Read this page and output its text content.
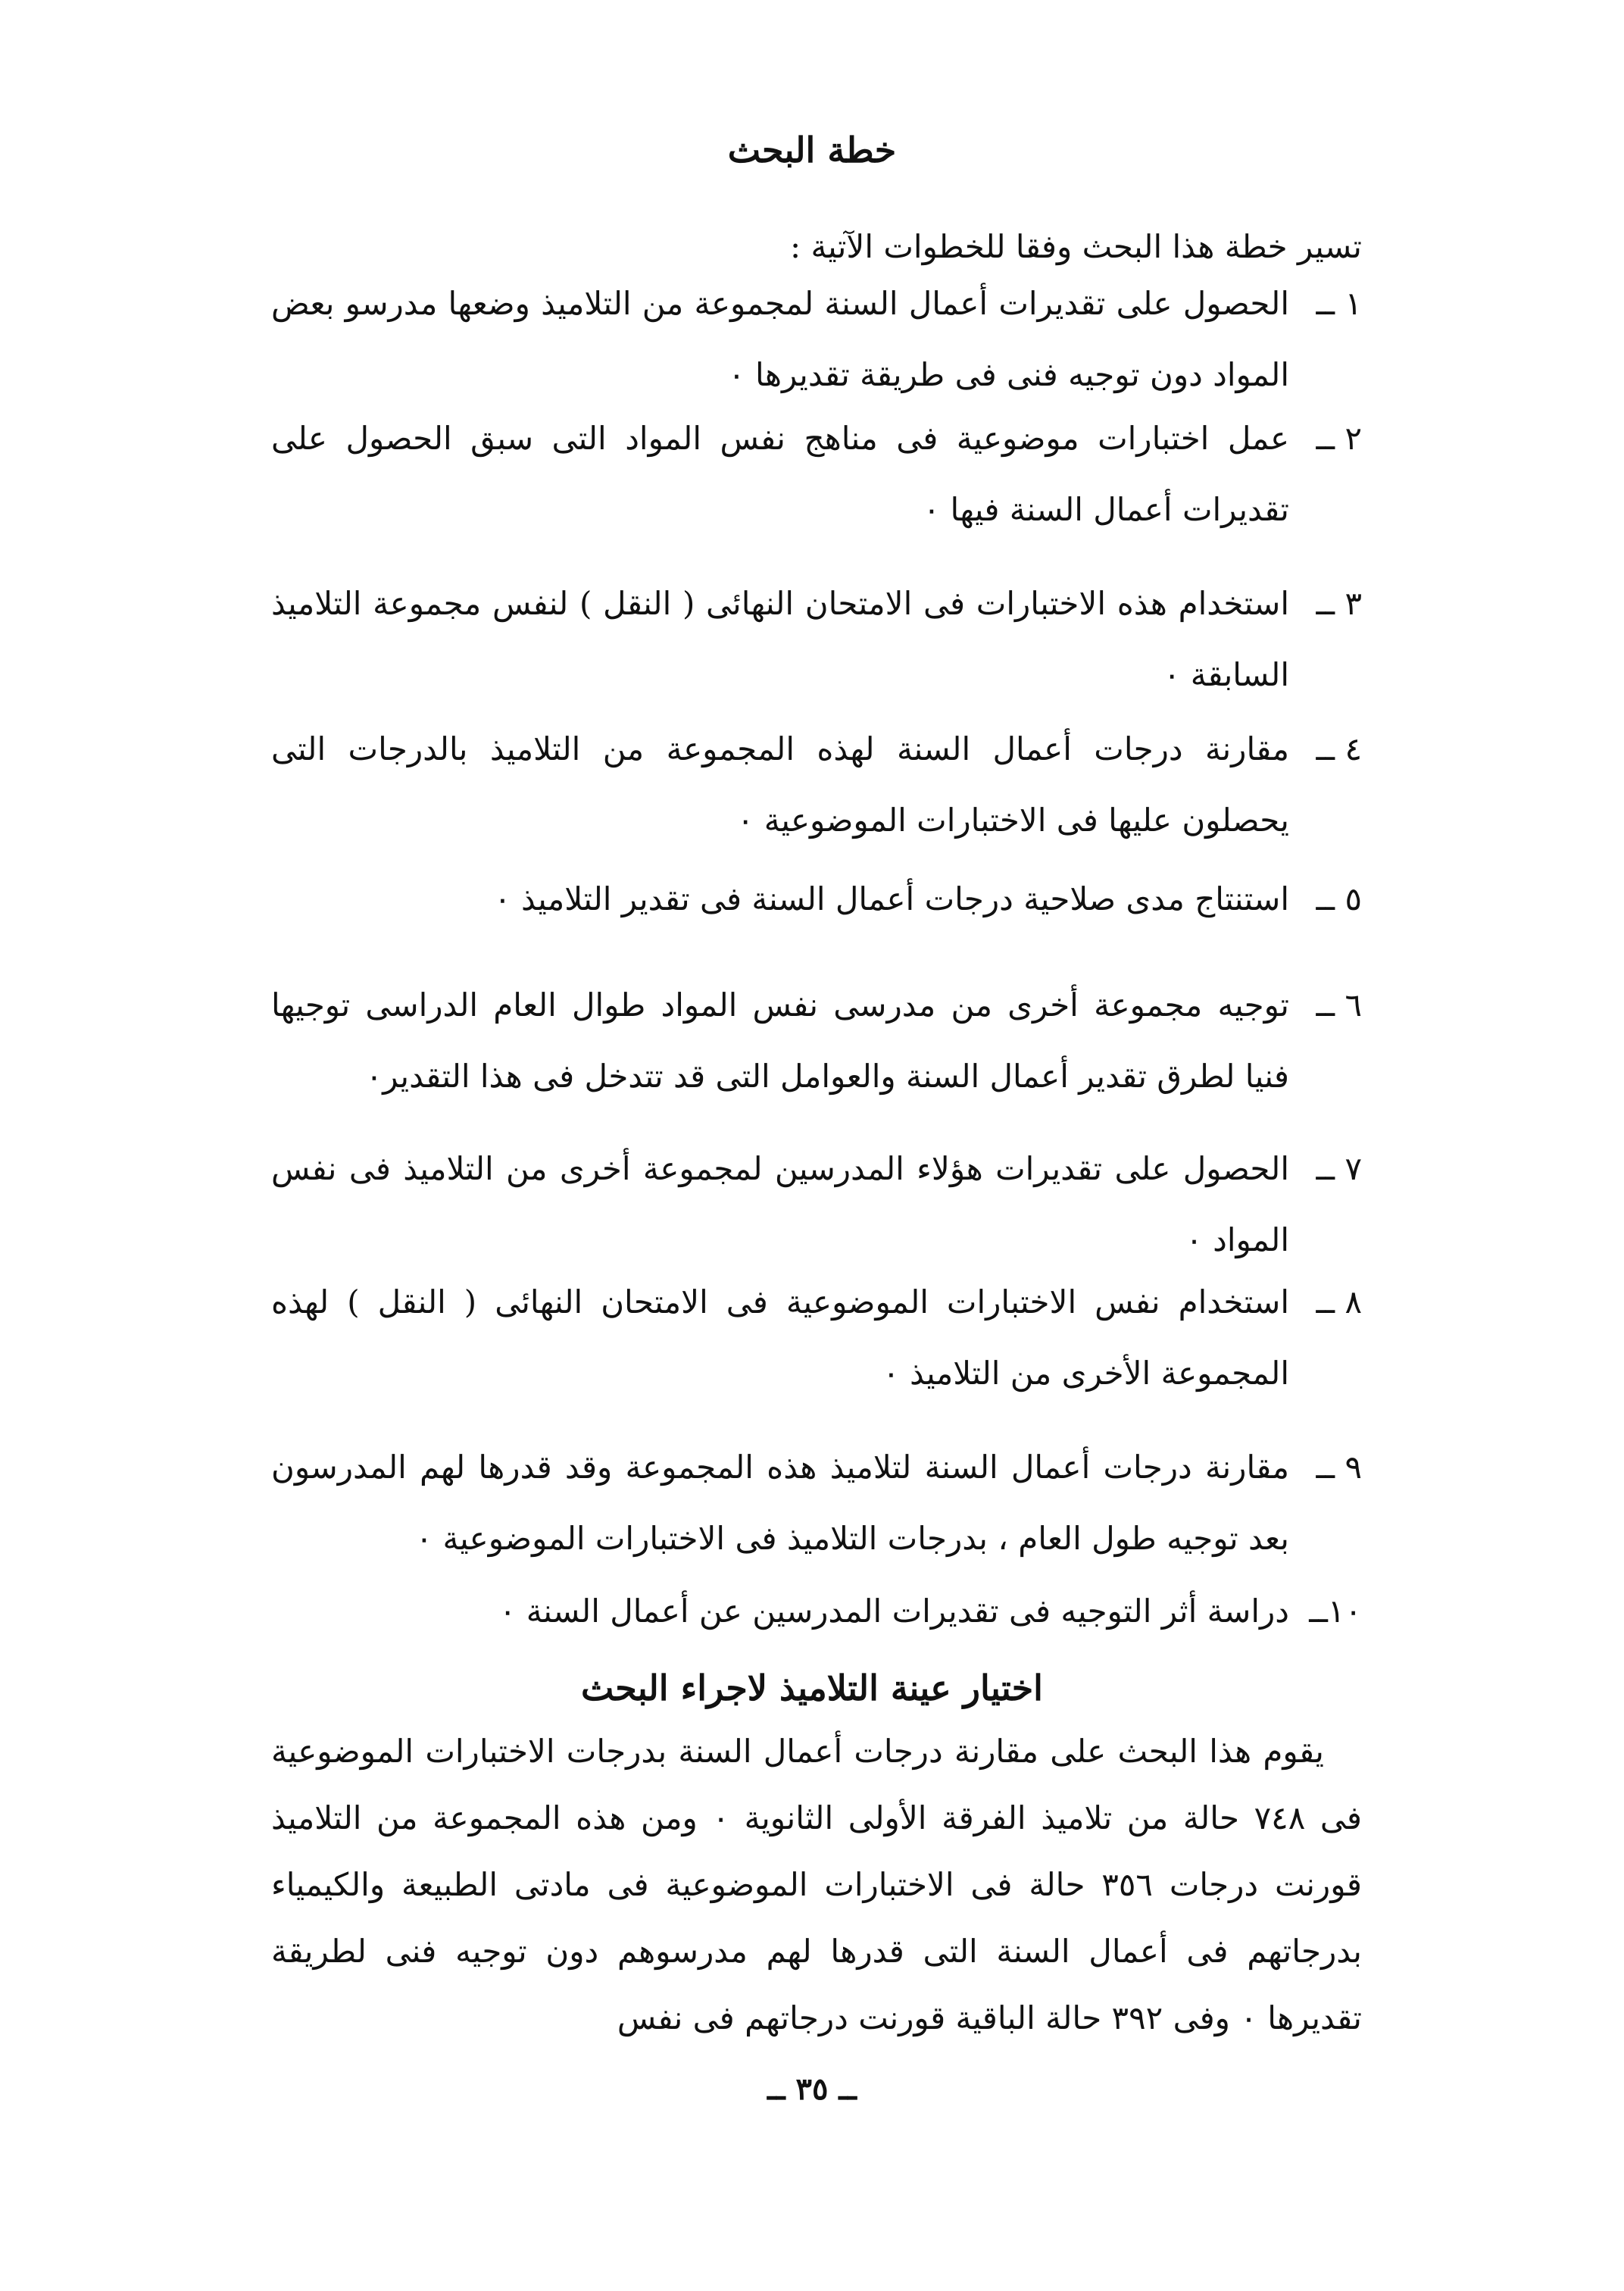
خطة البحث
تسير خطة هذا البحث وفقا للخطوات الآتية :
١ ــ
الحصول على تقديرات أعمال السنة لمجموعة من التلاميذ وضعها مدرسو بعض المواد دون توجيه فنى فى طريقة تقديرها ٠
٢ ــ
عمل اختبارات موضوعية فى مناهج نفس المواد التى سبق الحصول على تقديرات أعمال السنة فيها ٠
٣ ــ
استخدام هذه الاختبارات فى الامتحان النهائى ( النقل ) لنفس مجموعة التلاميذ السابقة ٠
٤ ــ
مقارنة درجات أعمال السنة لهذه المجموعة من التلاميذ بالدرجات التى يحصلون عليها فى الاختبارات الموضوعية ٠
٥ ــ
استنتاج مدى صلاحية درجات أعمال السنة فى تقدير التلاميذ ٠
٦ ــ
توجيه مجموعة أخرى من مدرسى نفس المواد طوال العام الدراسى توجيها فنيا لطرق تقدير أعمال السنة والعوامل التى قد تتدخل فى هذا التقدير٠
٧ ــ
الحصول على تقديرات هؤلاء المدرسين لمجموعة أخرى من التلاميذ فى نفس المواد ٠
٨ ــ
استخدام نفس الاختبارات الموضوعية فى الامتحان النهائى ( النقل ) لهذه المجموعة الأخرى من التلاميذ ٠
٩ ــ
مقارنة درجات أعمال السنة لتلاميذ هذه المجموعة وقد قدرها لهم المدرسون بعد توجيه طول العام ، بدرجات التلاميذ فى الاختبارات الموضوعية ٠
١٠ــ
دراسة أثر التوجيه فى تقديرات المدرسين عن أعمال السنة ٠
اختيار عينة التلاميذ لاجراء البحث
يقوم هذا البحث على مقارنة درجات أعمال السنة بدرجات الاختبارات الموضوعية فى ٧٤٨ حالة من تلاميذ الفرقة الأولى الثانوية ٠ ومن هذه المجموعة من التلاميذ قورنت درجات ٣٥٦ حالة فى الاختبارات الموضوعية فى مادتى الطبيعة والكيمياء بدرجاتهم فى أعمال السنة التى قدرها لهم مدرسوهم دون توجيه فنى لطريقة تقديرها ٠ وفى ٣٩٢ حالة الباقية قورنت درجاتهم فى نفس
ــ ٣٥ ــ
